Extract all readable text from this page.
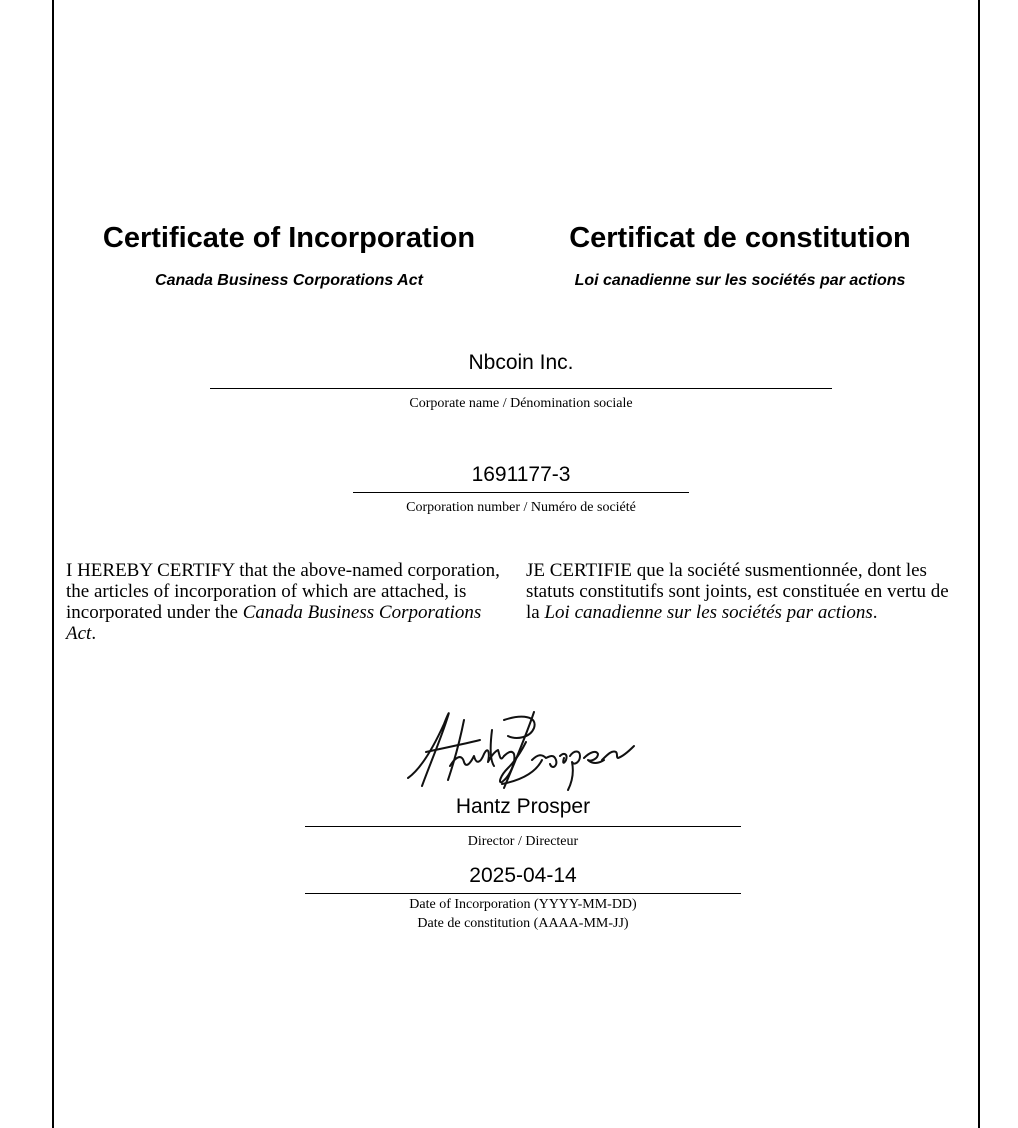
Certificate of Incorporation	Certificat de constitution
Canada Business Corporations Act	Loi canadienne sur les sociétés par actions
Nbcoin Inc.
Corporate name / Dénomination sociale
1691177-3
Corporation number / Numéro de société
I HEREBY CERTIFY that the above-named corporation, the articles of incorporation of which are attached, is incorporated under the Canada Business Corporations Act.
JE CERTIFIE que la société susmentionnée, dont les statuts constitutifs sont joints, est constituée en vertu de la Loi canadienne sur les sociétés par actions.
Hantz Prosper
Director / Directeur
2025-04-14
Date of Incorporation (YYYY-MM-DD)
Date de constitution (AAAA-MM-JJ)
